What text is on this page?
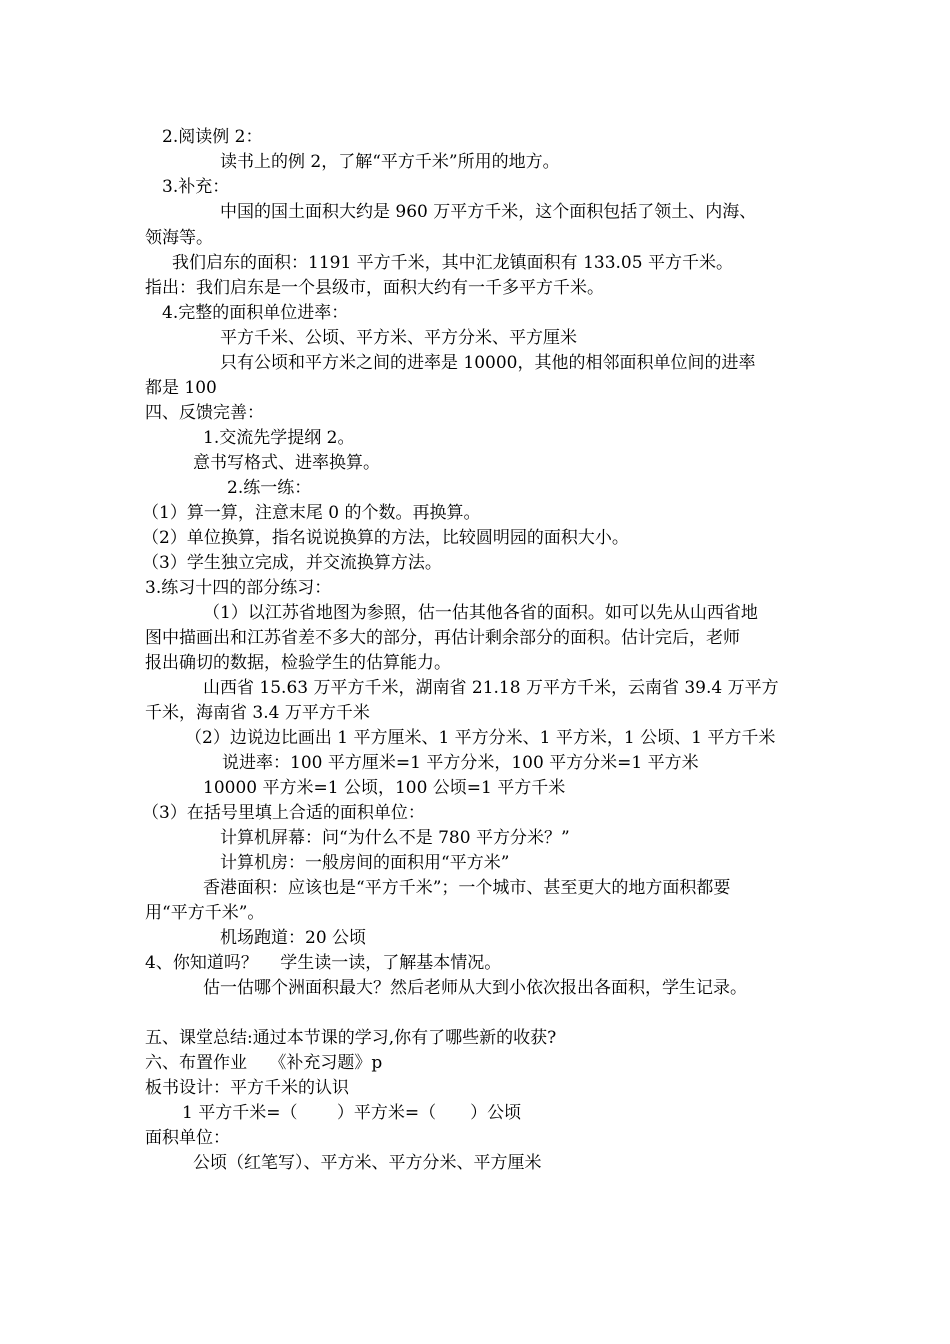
2.阅读例 2：
读书上的例 2，了解“平方千米”所用的地方。
3.补充：
中国的国土面积大约是 960 万平方千米，这个面积包括了领土、内海、
领海等。
我们启东的面积：1191 平方千米，其中汇龙镇面积有 133.05 平方千米。
指出：我们启东是一个县级市，面积大约有一千多平方千米。
4.完整的面积单位进率：
平方千米、公顷、平方米、平方分米、平方厘米
只有公顷和平方米之间的进率是 10000，其他的相邻面积单位间的进率
都是 100
四、反馈完善：
1.交流先学提纲 2。
意书写格式、进率换算。
2.练一练：
（1）算一算，注意末尾 0 的个数。再换算。
（2）单位换算，指名说说换算的方法，比较圆明园的面积大小。
（3）学生独立完成，并交流换算方法。
3.练习十四的部分练习：
（1）以江苏省地图为参照，估一估其他各省的面积。如可以先从山西省地
图中描画出和江苏省差不多大的部分，再估计剩余部分的面积。估计完后，老师
报出确切的数据，检验学生的估算能力。
山西省 15.63 万平方千米，湖南省 21.18 万平方千米，云南省 39.4 万平方
千米，海南省 3.4 万平方千米
（2）边说边比画出 1 平方厘米、1 平方分米、1 平方米，1 公顷、1 平方千米
说进率：100 平方厘米=1 平方分米，100 平方分米=1 平方米
10000 平方米=1 公顷，100 公顷=1 平方千米
（3）在括号里填上合适的面积单位：
计算机屏幕：问“为什么不是 780 平方分米？”
计算机房：一般房间的面积用“平方米”
香港面积：应该也是“平方千米”；一个城市、甚至更大的地方面积都要
用“平方千米”。
机场跑道：20 公顷
4、你知道吗？　 学生读一读，了解基本情况。
估一估哪个洲面积最大？然后老师从大到小依次报出各面积，学生记录。
五、课堂总结:通过本节课的学习,你有了哪些新的收获?
六、布置作业　 《补充习题》p
板书设计：平方千米的认识
1 平方千米=（　　 ）平方米=（　　）公顷
面积单位：
公顷（红笔写）、平方米、平方分米、平方厘米
